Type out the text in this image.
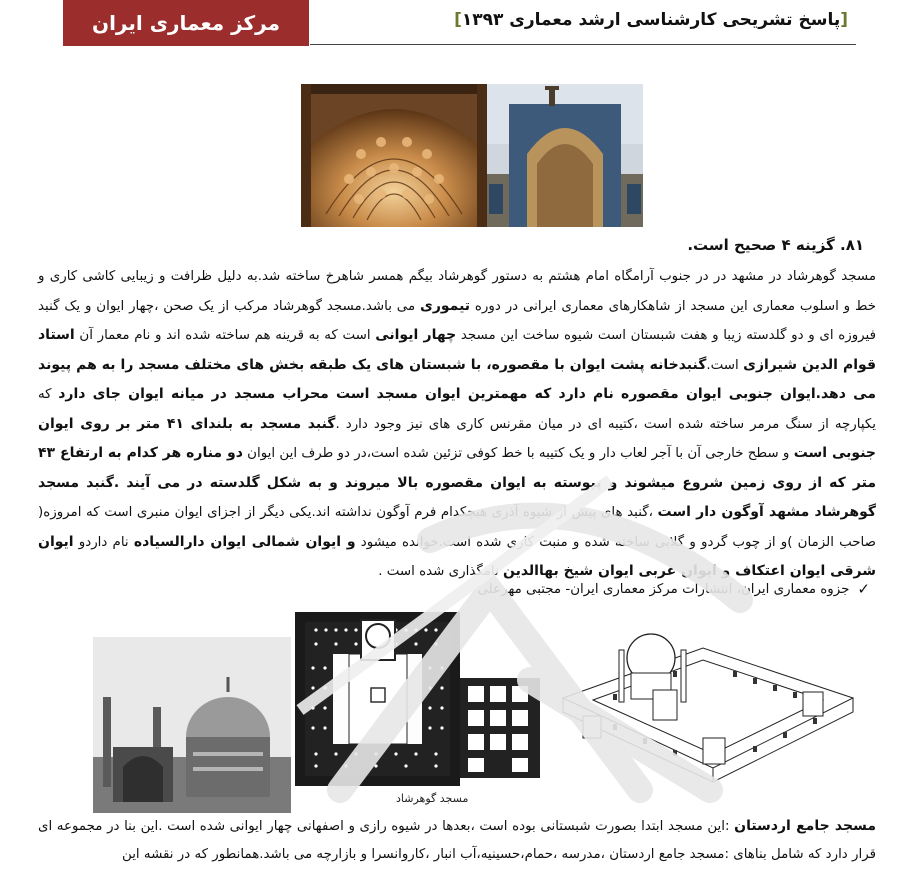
مرکز معماری ایران	[پاسخ تشریحی کارشناسی ارشد معماری ۱۳۹۳]
۸۱. گزینه ۴ صحیح است.
مسجد گوهرشاد در مشهد در در جنوب آرامگاه امام هشتم به دستور گوهرشاد بیگم همسر شاهرخ ساخته شد.به دلیل ظرافت و زیبایی کاشی کاری و خط و اسلوب معماری این مسجد از شاهکارهای معماری ایرانی در دوره تیموری می باشد.مسجد گوهرشاد مرکب از یک صحن ،چهار ایوان و یک گنبد فیروزه ای و دو گلدسته زیبا و هفت شبستان است شیوه ساخت این مسجد چهار ایوانی است که به قرینه هم ساخته شده اند و نام معمار آن استاد قوام الدین شیرازی است.گنبدخانه پشت ایوان با مقصوره، با شبستان های یک طبقه بخش های مختلف مسجد را به هم پیوند می دهد.ایوان جنوبی ایوان مقصوره نام دارد که مهمترین ایوان مسجد است محراب مسجد در میانه ایوان جای دارد که یکپارچه از سنگ مرمر ساخته شده است ،کتیبه ای در میان مقرنس کاری های نیز وجود دارد .گنبد مسجد به بلندای ۴۱ متر بر روی ایوان جنوبی است و سطح خارجی آن با آجر لعاب دار و یک کتیبه با خط کوفی تزئین شده است،در دو طرف این ایوان دو مناره هر کدام به ارتفاع ۴۳ متر که از روی زمین شروع میشوند و پیوسته به ایوان مقصوره بالا میروند و به شکل گلدسته در می آیند .گنبد مسجد گوهرشاد مشهد آوگون دار است ،گنبد های پیش از شیوه آذری هیچکدام فرم آوگون نداشته اند.یکی دیگر از اجزای ایوان منبری است که امروزه( صاحب الزمان )و از چوب گردو و گلابی ساخته شده و منبت کاری شده است.خوانده میشود و ایوان شمالی ایوان دارالسیاده نام داردو ایوان شرقی ایوان اعتکاف و ایوان غربی ایوان شیخ بهاالدین نامگذاری شده است .
✓
جزوه معماری ایران، انتشارات مرکز معماری ایران- مجتبی مهرعلی
مسجد گوهرشاد
مسجد جامع اردستان :این مسجد ابتدا بصورت شبستانی بوده است ،بعدها در شیوه رازی و اصفهانی چهار ایوانی شده است .این بنا در مجموعه ای قرار دارد که شامل بناهای :مسجد جامع اردستان ،مدرسه ،حمام،حسینیه،آب انبار ،کاروانسرا و بازارچه می باشد.همانطور که در نقشه این
